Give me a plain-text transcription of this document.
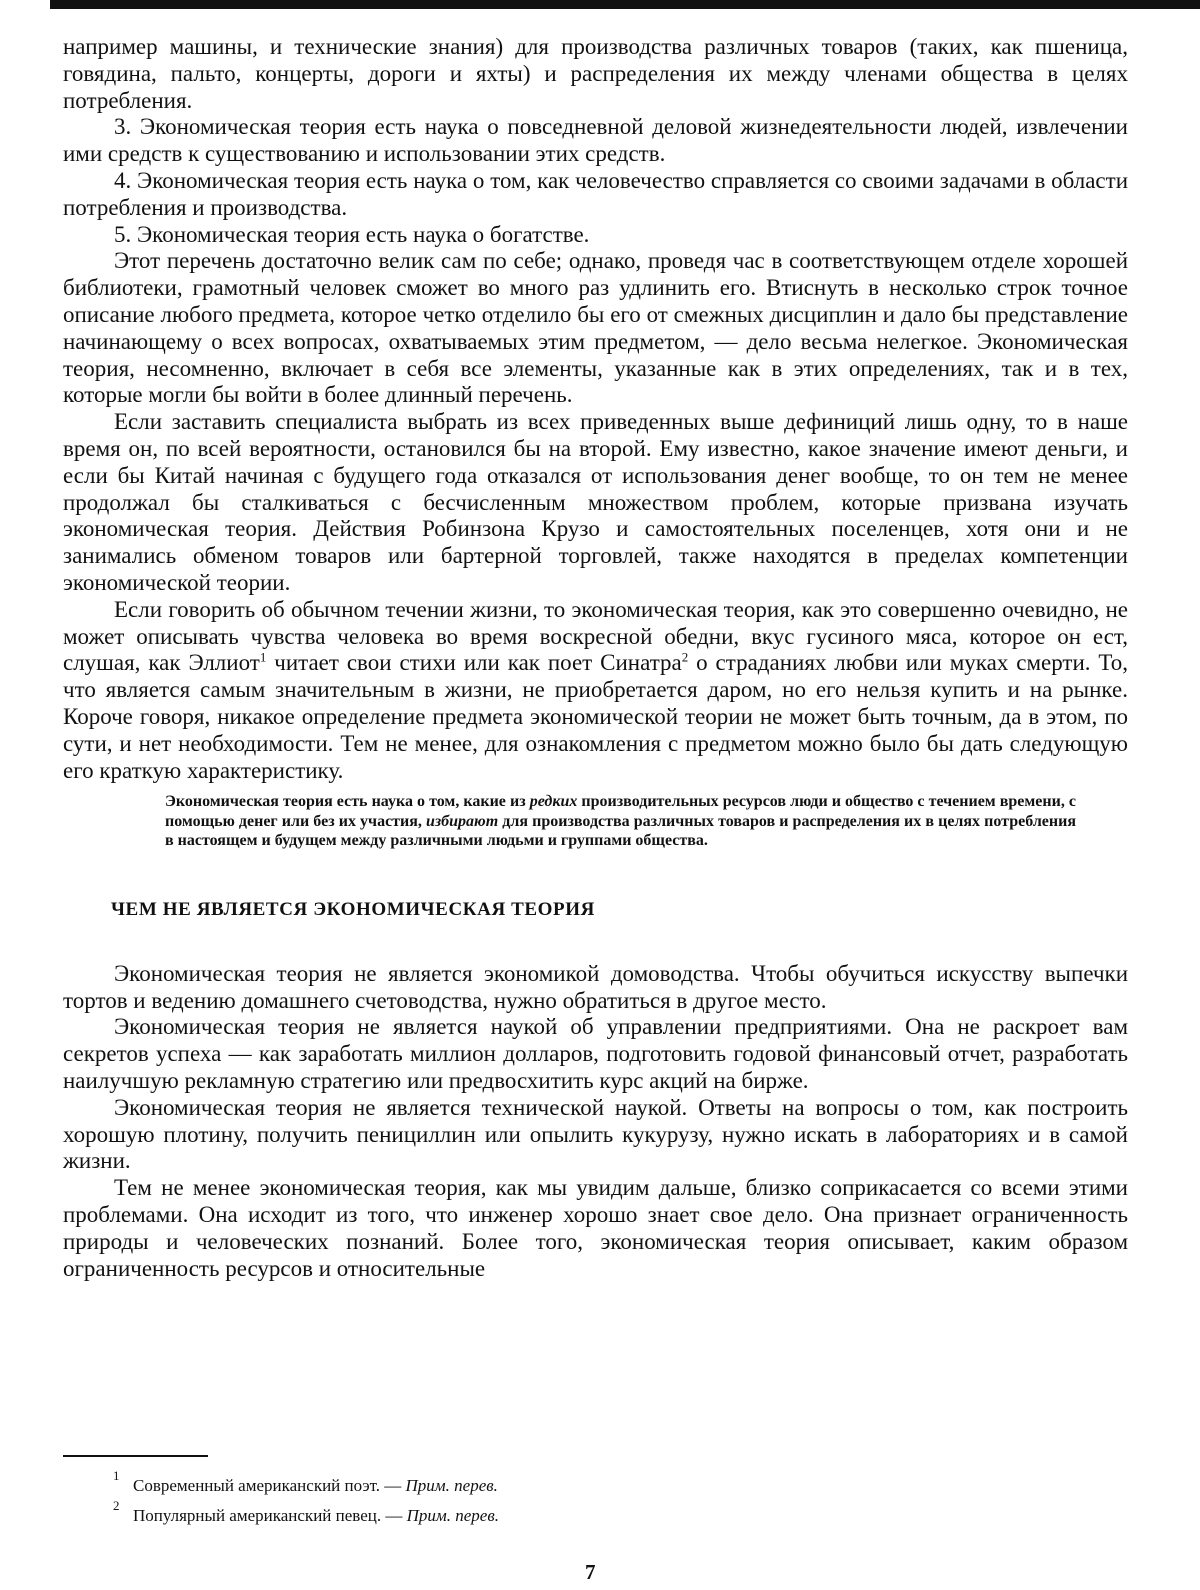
например машины, и технические знания) для производства различных товаров (таких, как пшеница, говядина, пальто, концерты, дороги и яхты) и распределения их между членами общества в целях потребления.

3. Экономическая теория есть наука о повседневной деловой жизнедеятельности людей, извлечении ими средств к существованию и использовании этих средств.

4. Экономическая теория есть наука о том, как человечество справляется со своими задачами в области потребления и производства.

5. Экономическая теория есть наука о богатстве.

Этот перечень достаточно велик сам по себе; однако, проведя час в соответствующем отделе хорошей библиотеки, грамотный человек сможет во много раз удлинить его. Втиснуть в несколько строк точное описание любого предмета, которое четко отделило бы его от смежных дисциплин и дало бы представление начинающему о всех вопросах, охватываемых этим предметом, — дело весьма нелегкое. Экономическая теория, несомненно, включает в себя все элементы, указанные как в этих определениях, так и в тех, которые могли бы войти в более длинный перечень.

Если заставить специалиста выбрать из всех приведенных выше дефиниций лишь одну, то в наше время он, по всей вероятности, остановился бы на второй. Ему известно, какое значение имеют деньги, и если бы Китай начиная с будущего года отказался от использования денег вообще, то он тем не менее продолжал бы сталкиваться с бесчисленным множеством проблем, которые призвана изучать экономическая теория. Действия Робинзона Крузо и самостоятельных поселенцев, хотя они и не занимались обменом товаров или бартерной торговлей, также находятся в пределах компетенции экономической теории.

Если говорить об обычном течении жизни, то экономическая теория, как это совершенно очевидно, не может описывать чувства человека во время воскресной обедни, вкус гусиного мяса, которое он ест, слушая, как Эллиот$^1$ читает свои стихи или как поет Синатра$^2$ о страданиях любви или муках смерти. То, что является самым значительным в жизни, не приобретается даром, но его нельзя купить и на рынке. Короче говоря, никакое определение предмета экономической теории не может быть точным, да в этом, по сути, и нет необходимости. Тем не менее, для ознакомления с предметом можно было бы дать следующую его краткую характеристику.

Экономическая теория есть наука о том, какие из редких производительных ресурсов люди и общество с течением времени, с помощью денег или без их участия, избирают для производства различных товаров и распределения их в целях потребления в настоящем и будущем между различными людьми и группами общества.
ЧЕМ НЕ ЯВЛЯЕТСЯ ЭКОНОМИЧЕСКАЯ ТЕОРИЯ

Экономическая теория не является экономикой домоводства. Чтобы обучиться искусству выпечки тортов и ведению домашнего счетоводства, нужно обратиться в другое место.

Экономическая теория не является наукой об управлении предприятиями. Она не раскроет вам секретов успеха — как заработать миллион долларов, подготовить годовой финансовый отчет, разработать наилучшую рекламную стратегию или предвосхитить курс акций на бирже.

Экономическая теория не является технической наукой. Ответы на вопросы о том, как построить хорошую плотину, получить пенициллин или опылить кукурузу, нужно искать в лабораториях и в самой жизни.

Тем не менее экономическая теория, как мы увидим дальше, близко соприкасается со всеми этими проблемами. Она исходит из того, что инженер хорошо знает свое дело. Она признает ограниченность природы и человеческих познаний. Более того, экономическая теория описывает, каким образом ограниченность ресурсов и относительные

1
Современный американский поэт. — Прим. перев.
2
Популярный американский певец. — Прим. перев.
7
